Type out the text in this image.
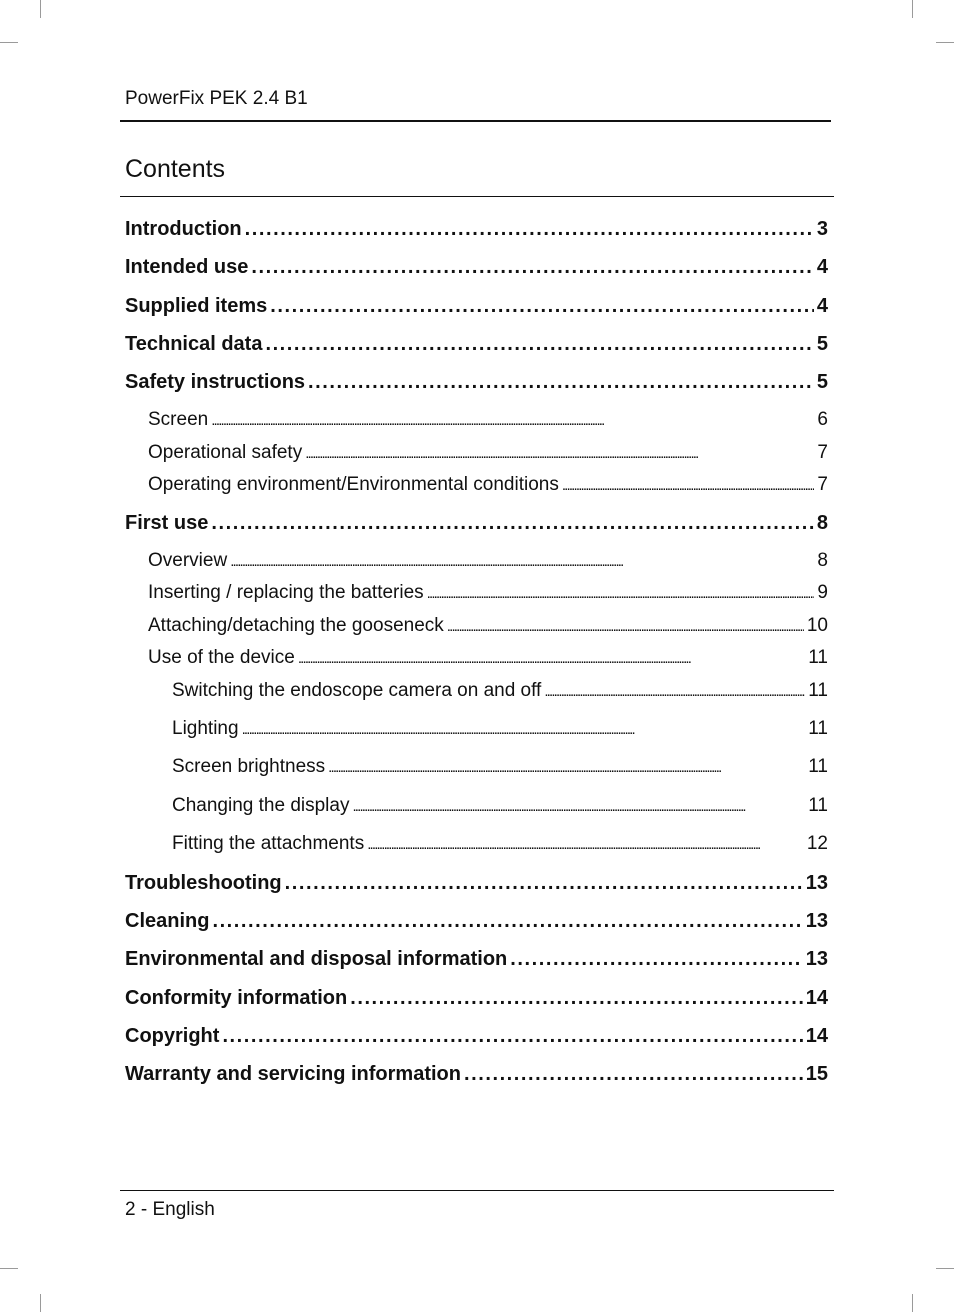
PowerFix PEK 2.4 B1
Contents
Introduction . . .	3
Intended use . . .	4
Supplied items . . .	4
Technical data . . .	5
Safety instructions . . .	5
Screen . . .	6
Operational safety . . .	7
Operating environment/Environmental conditions . . .	7
First use . . .	8
Overview . . .	8
Inserting / replacing the batteries . . .	9
Attaching/detaching the gooseneck . . .	10
Use of the device . . .	11
Switching the endoscope camera on and off . . .	11
Lighting . . .	11
Screen brightness . . .	11
Changing the display . . .	11
Fitting the attachments . . .	12
Troubleshooting . . .	13
Cleaning . . .	13
Environmental and disposal information . . .	13
Conformity information . . .	14
Copyright . . .	14
Warranty and servicing information . . .	15
2 - English
